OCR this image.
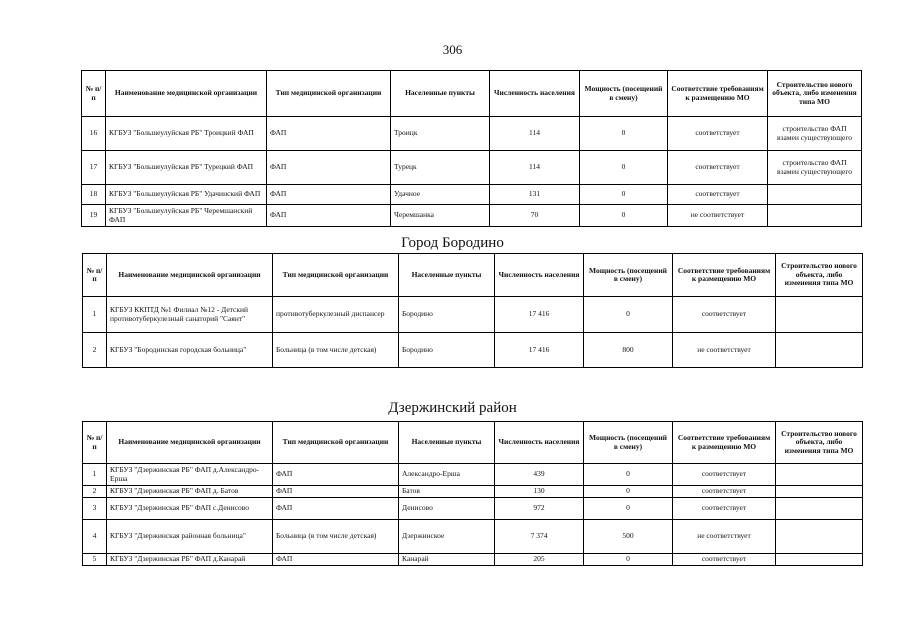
306
№ п/п	Наименование медицинской организации	Тип медицинской организации	Населенные пункты	Численность населения	Мощность (посещений в смену)	Соответствие требованиям к размещению МО	Строительство нового объекта, либо изменения типа МО
16	КГБУЗ "Большеулуйская РБ" Троицкий ФАП	ФАП	Троицк	114	0	соответствует	строительство ФАП взамен существующего
17	КГБУЗ "Большеулуйская РБ" Турецкий ФАП	ФАП	Турецк	114	0	соответствует	строительство ФАП взамен существующего
18	КГБУЗ "Большеулуйская РБ" Удачинский ФАП	ФАП	Удачное	131	0	соответствует	
19	КГБУЗ "Большеулуйская РБ" Черемшанский ФАП	ФАП	Черемшанка	70	0	не соответствует	
Город Бородино
№ п/п	Наименование медицинской организации	Тип медицинской организации	Населенные пункты	Численность населения	Мощность (посещений в смену)	Соответствие требованиям к размещению МО	Строительство нового объекта, либо изменения типа МО
1	КГБУЗ ККПТД №1 Филиал №12 - Детский противотуберкулезный санаторий "Саянт"	противотуберкулезный диспансер	Бородино	17 416	0	соответствует	
2	КГБУЗ "Бородинская городская больница"	Больница (в том числе детская)	Бородино	17 416	800	не соответствует	
Дзержинский район
№ п/п	Наименование медицинской организации	Тип медицинской организации	Населенные пункты	Численность населения	Мощность (посещений в смену)	Соответствие требованиям к размещению МО	Строительство нового объекта, либо изменения типа МО
1	КГБУЗ "Дзержинская РБ" ФАП д.Александро-Ерша	ФАП	Александро-Ерша	439	0	соответствует	
2	КГБУЗ "Дзержинская РБ" ФАП д. Батов	ФАП	Батов	130	0	соответствует	
3	КГБУЗ "Дзержинская РБ" ФАП с.Денисово	ФАП	Денисово	972	0	соответствует	
4	КГБУЗ "Дзержинская районная больница"	Больница (в том числе детская)	Дзержинское	7 374	500	не соответствует	
5	КГБУЗ "Дзержинская РБ" ФАП д.Канарай	ФАП	Канарай	205	0	соответствует	
